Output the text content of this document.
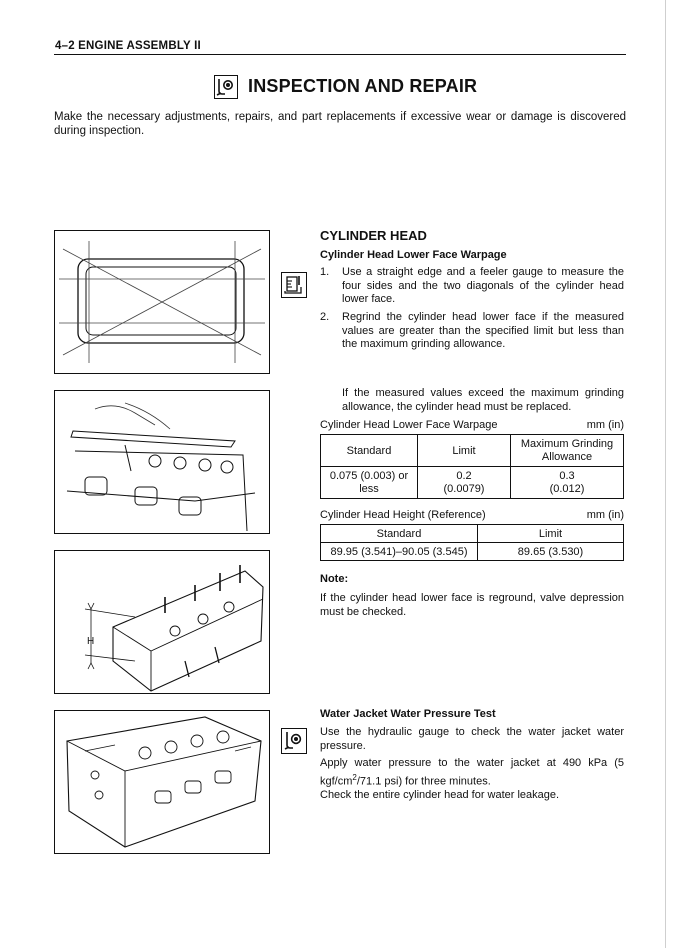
4–2 ENGINE ASSEMBLY II
INSPECTION AND REPAIR
Make the necessary adjustments, repairs, and part replacements if excessive wear or damage is discovered during inspection.
H
CYLINDER HEAD
Cylinder Head Lower Face Warpage
1. Use a straight edge and a feeler gauge to measure the four sides and the two diagonals of the cylinder head lower face.
2. Regrind the cylinder head lower face if the measured values are greater than the specified limit but less than the maximum grinding allowance.
If the measured values exceed the maximum grinding allowance, the cylinder head must be replaced.
Cylinder Head Lower Face Warpage	mm (in)
Standard	Limit	Maximum Grinding Allowance
0.075 (0.003) or less	0.2 (0.0079)	0.3 (0.012)
Cylinder Head Height (Reference)	mm (in)
Standard	Limit
89.95 (3.541)–90.05 (3.545)	89.65 (3.530)
Note:
If the cylinder head lower face is reground, valve depression must be checked.
Water Jacket Water Pressure Test
Use the hydraulic gauge to check the water jacket water pressure.
Apply water pressure to the water jacket at 490 kPa (5 kgf/$cm^2/71.1$ psi) for three minutes.
Check the entire cylinder head for water leakage.
